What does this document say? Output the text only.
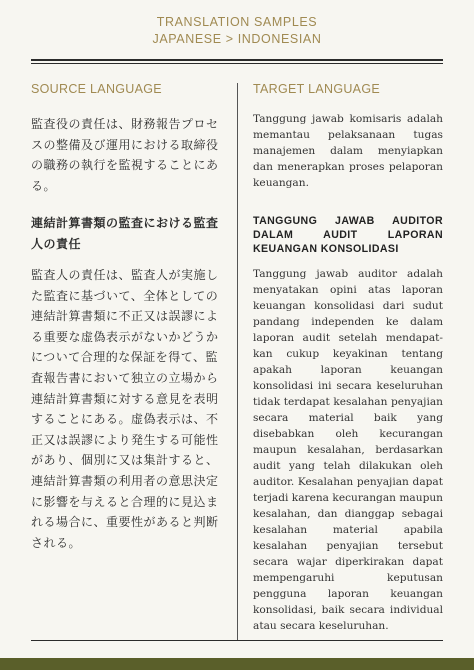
TRANSLATION SAMPLES
JAPANESE > INDONESIAN
SOURCE LANGUAGE

監査役の責任は、財務報告プロセスの整備及び運用における取締役の職務の執行を監視することにある。

連結計算書類の監査における監査人の責任

監査人の責任は、監査人が実施した監査に基づいて、全体としての連結計算書類に不正又は誤謬による重要な虚偽表示がないかどうかについて合理的な保証を得て、監査報告書において独立の立場から連結計算書類に対する意見を表明することにある。虚偽表示は、不正又は誤謬により発生する可能性があり、個別に又は集計すると、連結計算書類の利用者の意思決定に影響を与えると合理的に見込まれる場合に、重要性があると判断される。

TARGET LANGUAGE

Tanggung jawab komisaris adalah memantau pelaksanaan tugas manajemen dalam menyiapkan dan menerapkan proses pelaporan keuangan.

TANGGUNG JAWAB AUDITOR DALAM AUDIT LAPORAN KEUANGAN KONSOLIDASI

Tanggung jawab auditor adalah menyatakan opini atas laporan keuangan konsolidasi dari sudut pandang independen ke dalam laporan audit setelah mendapat-kan cukup keyakinan tentang apakah laporan keuangan konsolidasi ini secara keseluruhan tidak terdapat kesalahan penyajian secara material baik yang disebabkan oleh kecurangan maupun kesalahan, berdasarkan audit yang telah dilakukan oleh auditor. Kesalahan penyajian dapat terjadi karena kecurangan maupun kesalahan, dan dianggap sebagai kesalahan material apabila kesalahan penyajian tersebut secara wajar diperkirakan dapat mempengaruhi keputusan pengguna laporan keuangan konsolidasi, baik secara individual atau secara keseluruhan.
